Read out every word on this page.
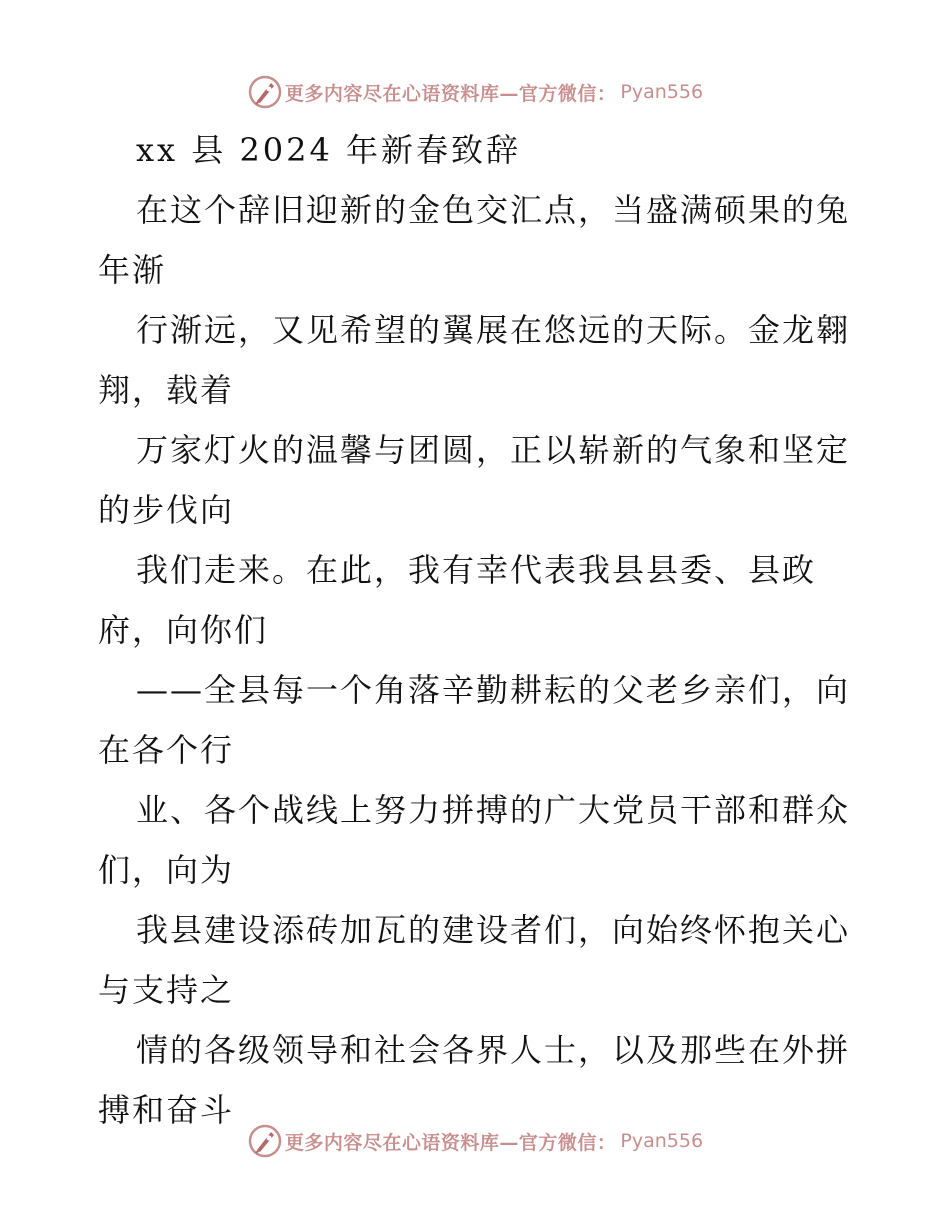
更多内容尽在心语资料库—官方微信： Pyan556
xx 县 2024 年新春致辞
在这个辞旧迎新的金色交汇点，当盛满硕果的兔
年渐
行渐远，又见希望的翼展在悠远的天际。金龙翱
翔，载着
万家灯火的温馨与团圆，正以崭新的气象和坚定
的步伐向
我们走来。在此，我有幸代表我县县委、县政
府，向你们
——全县每一个角落辛勤耕耘的父老乡亲们，向
在各个行
业、各个战线上努力拼搏的广大党员干部和群众
们，向为
我县建设添砖加瓦的建设者们，向始终怀抱关心
与支持之
情的各级领导和社会各界人士，以及那些在外拼
搏和奋斗
更多内容尽在心语资料库—官方微信： Pyan556
